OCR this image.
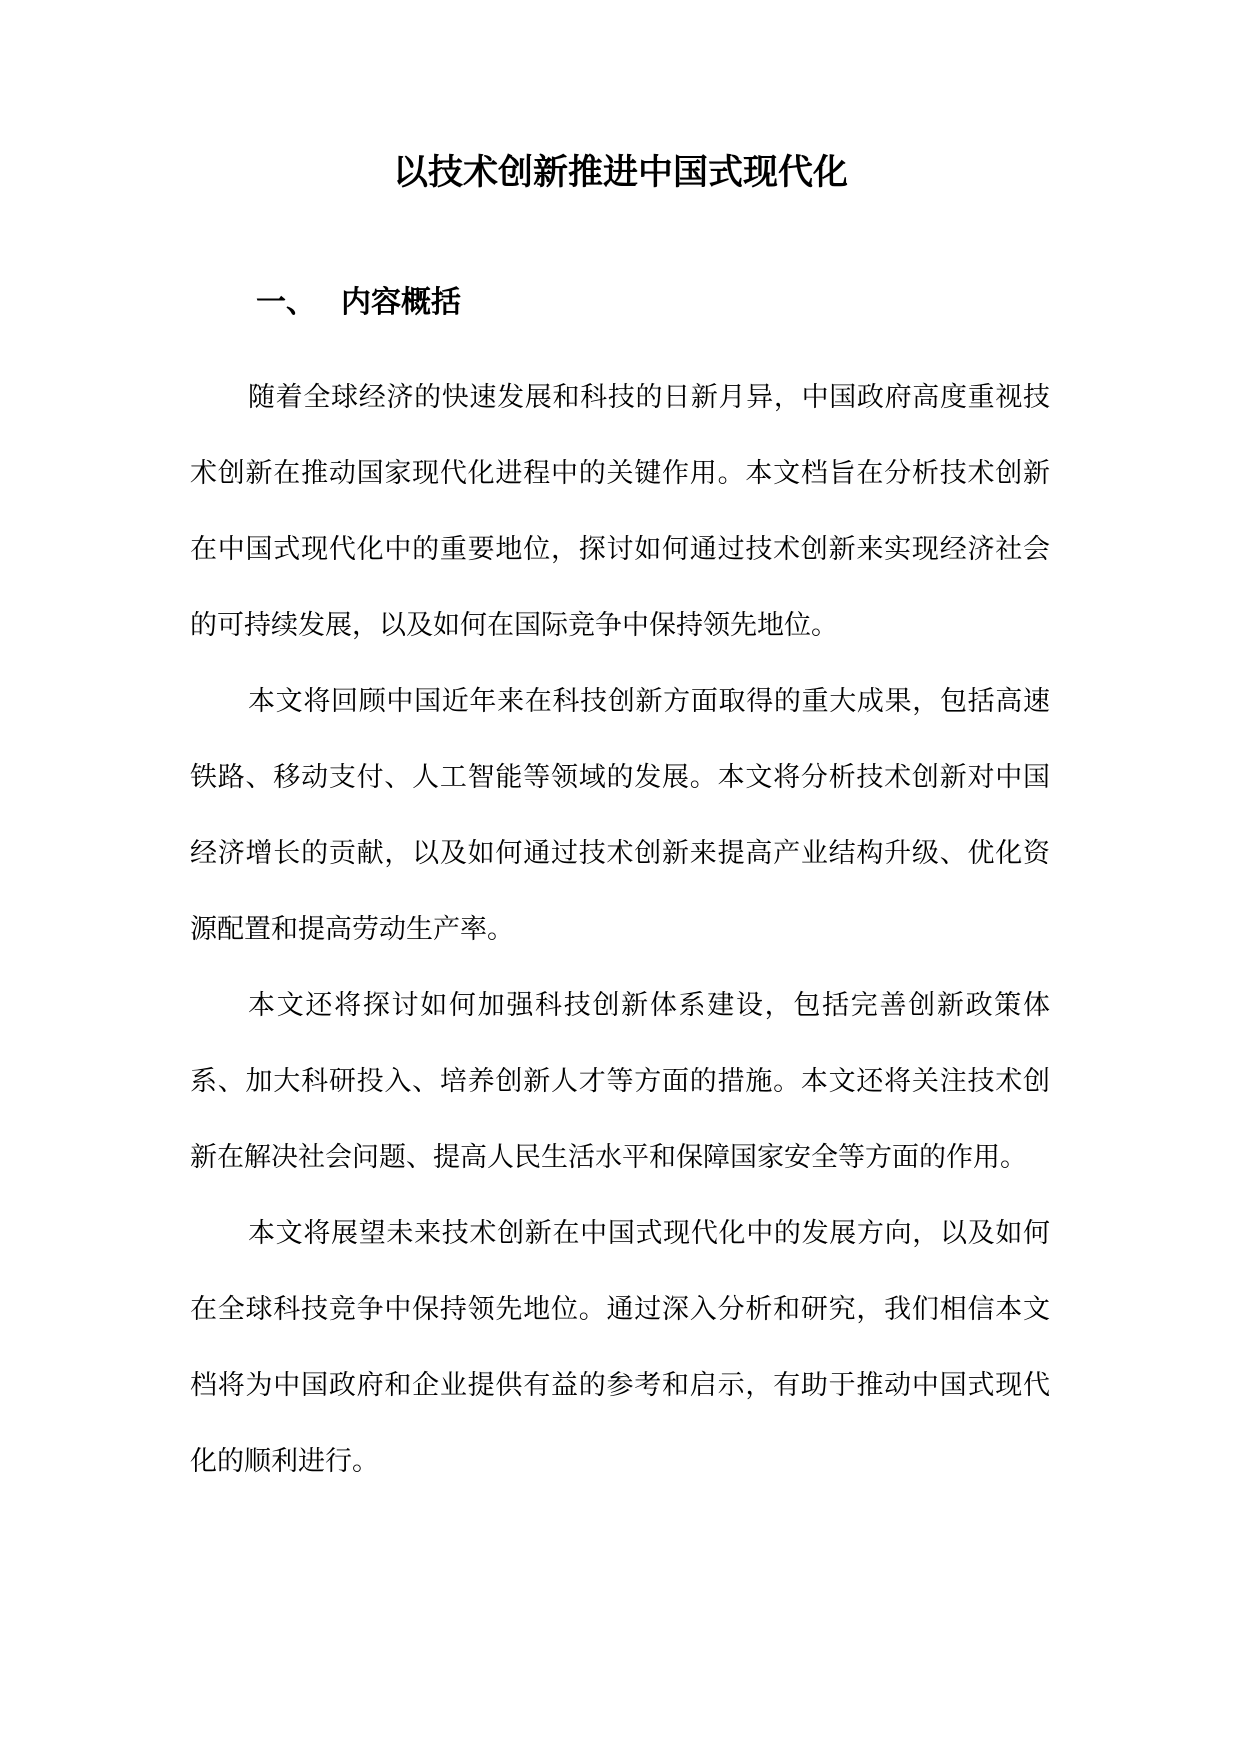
以技术创新推进中国式现代化
一、 内容概括

随着全球经济的快速发展和科技的日新月异，中国政府高度重视技术创新在推动国家现代化进程中的关键作用。本文档旨在分析技术创新在中国式现代化中的重要地位，探讨如何通过技术创新来实现经济社会的可持续发展，以及如何在国际竞争中保持领先地位。

本文将回顾中国近年来在科技创新方面取得的重大成果，包括高速铁路、移动支付、人工智能等领域的发展。本文将分析技术创新对中国经济增长的贡献，以及如何通过技术创新来提高产业结构升级、优化资源配置和提高劳动生产率。

本文还将探讨如何加强科技创新体系建设，包括完善创新政策体系、加大科研投入、培养创新人才等方面的措施。本文还将关注技术创新在解决社会问题、提高人民生活水平和保障国家安全等方面的作用。

本文将展望未来技术创新在中国式现代化中的发展方向，以及如何在全球科技竞争中保持领先地位。通过深入分析和研究，我们相信本文档将为中国政府和企业提供有益的参考和启示，有助于推动中国式现代化的顺利进行。
